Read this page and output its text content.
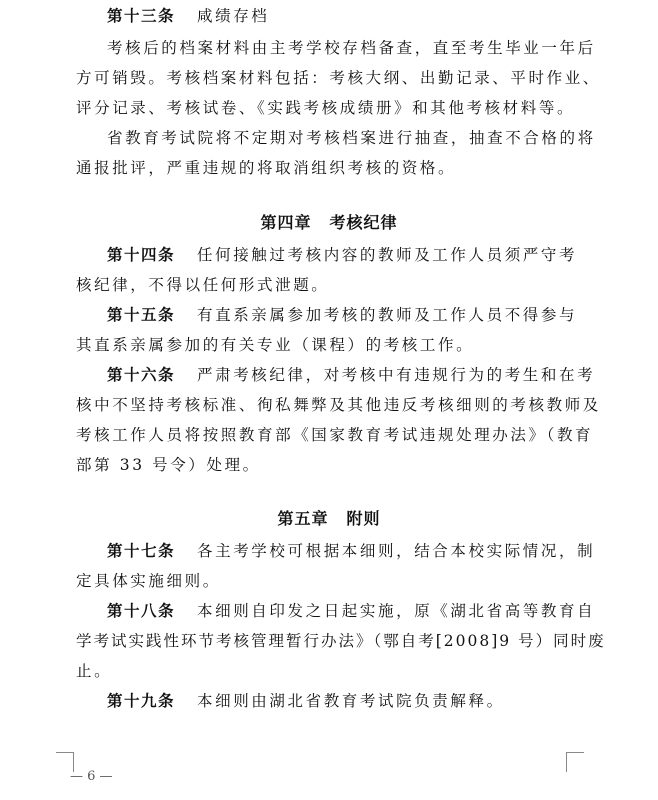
第十三条 咸绩存档
考核后的档案材料由主考学校存档备查，直至考生毕业一年后
方可销毁。考核档案材料包括：考核大纲、出勤记录、平时作业、
评分记录、考核试卷、《实践考核成绩册》和其他考核材料等。
省教育考试院将不定期对考核档案进行抽查，抽查不合格的将
通报批评，严重违规的将取消组织考核的资格。
第四章 考核纪律
第十四条 任何接触过考核内容的教师及工作人员须严守考
核纪律，不得以任何形式泄题。
第十五条 有直系亲属参加考核的教师及工作人员不得参与
其直系亲属参加的有关专业（课程）的考核工作。
第十六条 严肃考核纪律，对考核中有违规行为的考生和在考
核中不坚持考核标准、徇私舞弊及其他违反考核细则的考核教师及
考核工作人员将按照教育部《国家教育考试违规处理办法》（教育
部第 33 号令）处理。
第五章 附则
第十七条 各主考学校可根据本细则，结合本校实际情况，制
定具体实施细则。
第十八条 本细则自印发之日起实施，原《湖北省高等教育自
学考试实践性环节考核管理暂行办法》（鄂自考[2008]9 号）同时废
止。
第十九条 本细则由湖北省教育考试院负责解释。
— 6 —
